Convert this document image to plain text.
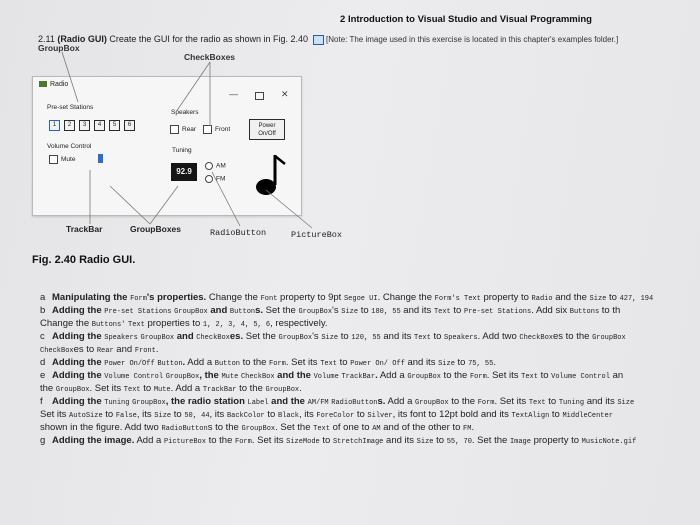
2 Introduction to Visual Studio and Visual Programming
2.11 (Radio GUI) Create the GUI for the radio as shown in Fig. 2.40 [Note: The image used in this exercise is located in this chapter's examples folder.]
GroupBox
CheckBoxes
Radio
—	✕
Pre-set Stations
1	2	3	4	5	6
Volume Control
Mute
Speakers
Rear	Front
Power
On/Off
Tuning
92.9
AM
FM
TrackBar	GroupBoxes	RadioButton	PictureBox
Fig. 2.40 Radio GUI.
a Manipulating the Form's properties. Change the Font property to 9pt Segoe UI. Change the Form's Text property to Radio and the Size to 427, 194
b Adding the Pre-set Stations GroupBox and Buttons. Set the GroupBox's Size to 180, 55 and its Text to Pre-set Stations. Add six Buttons to th
Change the Buttons' Text properties to 1, 2, 3, 4, 5, 6, respectively.
c Adding the Speakers GroupBox and CheckBoxes. Set the GroupBox's Size to 120, 55 and its Text to Speakers. Add two CheckBoxes to the GroupBox
CheckBoxes to Rear and Front.
d Adding the Power On/Off Button. Add a Button to the Form. Set its Text to Power On/ Off and its Size to 75, 55.
e Adding the Volume Control GroupBox, the Mute CheckBox and the Volume TrackBar. Add a GroupBox to the Form. Set its Text to Volume Control an
the GroupBox. Set its Text to Mute. Add a TrackBar to the GroupBox.
f Adding the Tuning GroupBox, the radio station Label and the AM/FM RadioButtons. Add a GroupBox to the Form. Set its Text to Tuning and its Size
Set its AutoSize to False, its Size to 50, 44, its BackColor to Black, its ForeColor to Silver, its font to 12pt bold and its TextAlign to MiddleCenter
shown in the figure. Add two RadioButtons to the GroupBox. Set the Text of one to AM and of the other to FM.
g Adding the image. Add a PictureBox to the Form. Set its SizeMode to StretchImage and its Size to 55, 70. Set the Image property to MusicNote.gif
